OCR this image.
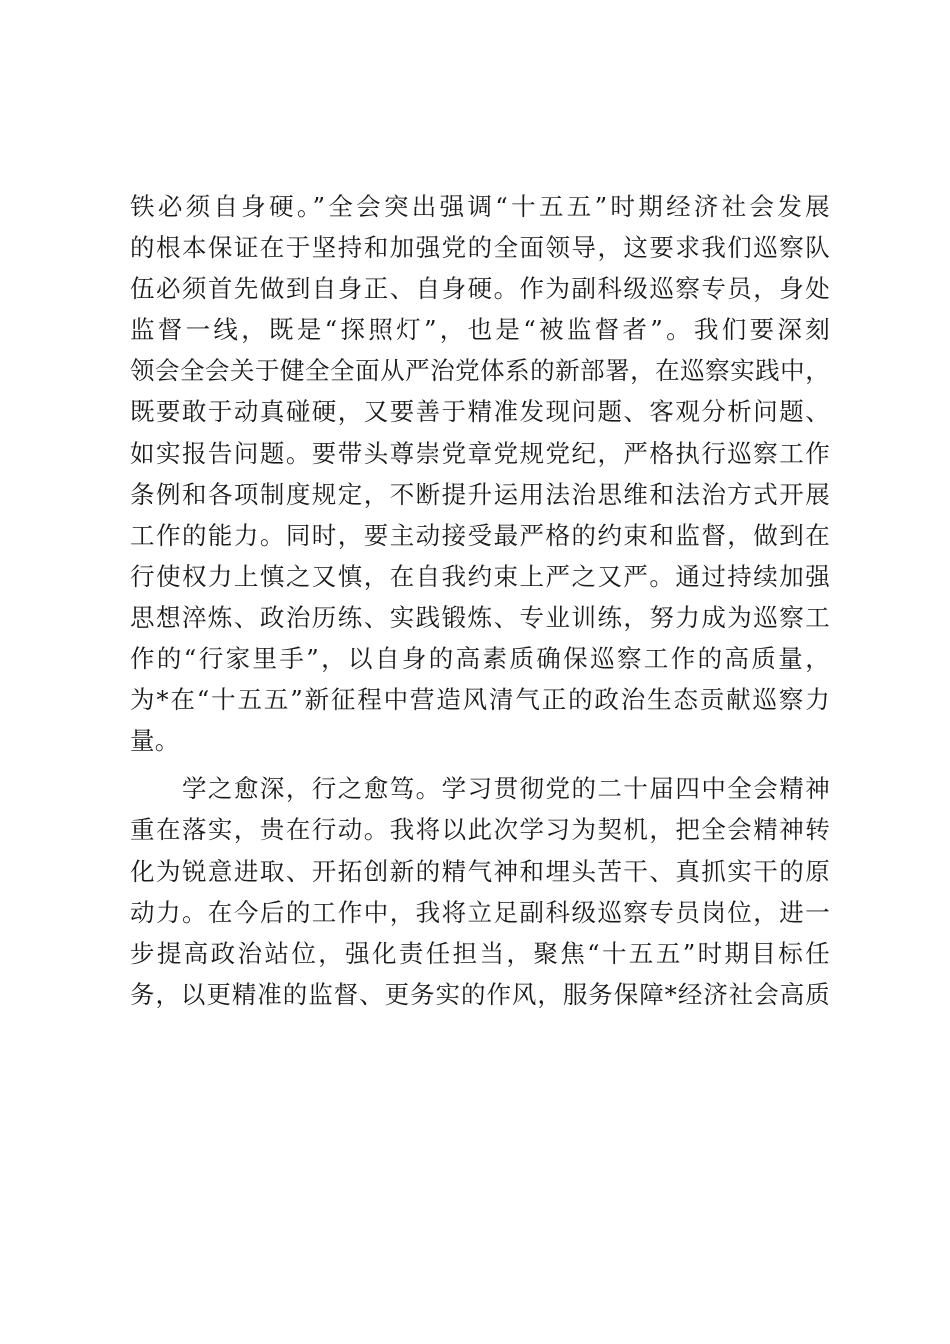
铁必须自身硬。”全会突出强调“十五五”时期经济社会发展
的根本保证在于坚持和加强党的全面领导，这要求我们巡察队
伍必须首先做到自身正、自身硬。作为副科级巡察专员，身处
监督一线，既是“探照灯”，也是“被监督者”。我们要深刻
领会全会关于健全全面从严治党体系的新部署，在巡察实践中，
既要敢于动真碰硬，又要善于精准发现问题、客观分析问题、
如实报告问题。要带头尊崇党章党规党纪，严格执行巡察工作
条例和各项制度规定，不断提升运用法治思维和法治方式开展
工作的能力。同时，要主动接受最严格的约束和监督，做到在
行使权力上慎之又慎，在自我约束上严之又严。通过持续加强
思想淬炼、政治历练、实践锻炼、专业训练，努力成为巡察工
作的“行家里手”，以自身的高素质确保巡察工作的高质量，
为*在“十五五”新征程中营造风清气正的政治生态贡献巡察力
量。
　　学之愈深，行之愈笃。学习贯彻党的二十届四中全会精神
重在落实，贵在行动。我将以此次学习为契机，把全会精神转
化为锐意进取、开拓创新的精气神和埋头苦干、真抓实干的原
动力。在今后的工作中，我将立足副科级巡察专员岗位，进一
步提高政治站位，强化责任担当，聚焦“十五五”时期目标任
务，以更精准的监督、更务实的作风，服务保障*经济社会高质
